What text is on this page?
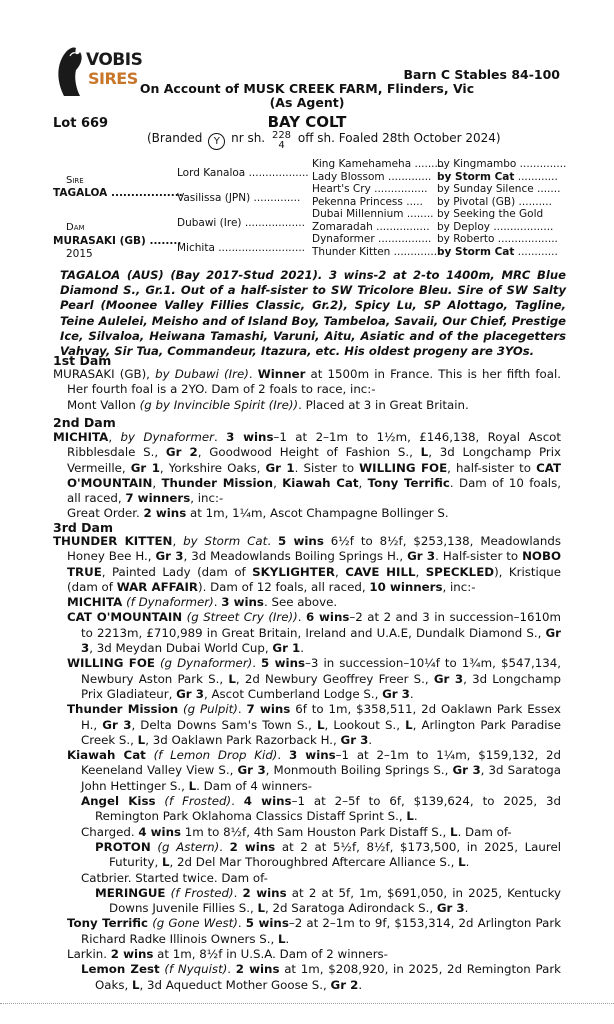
VOBIS
SIRES	Barn C Stables 84-100
On Account of MUSK CREEK FARM, Flinders, Vic
(As Agent)
Lot 669	BAY COLT
(Branded Y nr sh. 228
4 off sh. Foaled 28th October 2024)
Sire
TAGALOA ..................
Dam
MURASAKI (GB) ........
2015
Lord Kanaloa ..................
Vasilissa (JPN) ..............
Dubawi (Ire) ..................
Michita ..........................
King Kamehameha .........
Lady Blossom .............
Heart's Cry ................
Pekenna Princess .....
Dubai Millennium ........
Zomaradah ................
Dynaformer ................
Thunder Kitten ..............
by Kingmambo ..............
by Storm Cat ............
by Sunday Silence .......
by Pivotal (GB) ..........
by Seeking the Gold
by Deploy ..................
by Roberto ..................
by Storm Cat ............
TAGALOA (AUS) (Bay 2017-Stud 2021). 3 wins-2 at 2-to 1400m, MRC Blue Diamond S., Gr.1. Out of a half-sister to SW Tricolore Bleu. Sire of SW Salty Pearl (Moonee Valley Fillies Classic, Gr.2), Spicy Lu, SP Alottago, Tagline, Teine Aulelei, Meisho and of Island Boy, Tambeloa, Savaii, Our Chief, Prestige Ice, Silvaloa, Heiwana Tamashi, Varuni, Aitu, Asiatic and of the placegetters Vahvay, Sir Tua, Commandeur, Itazura, etc. His oldest progeny are 3YOs.
1st Dam

MURASAKI (GB), by Dubawi (Ire). Winner at 1500m in France. This is her fifth foal. Her fourth foal is a 2YO. Dam of 2 foals to race, inc:-

Mont Vallon (g by Invincible Spirit (Ire)). Placed at 3 in Great Britain.

2nd Dam

MICHITA, by Dynaformer. 3 wins–1 at 2–1m to 1½m, £146,138, Royal Ascot Ribblesdale S., Gr 2, Goodwood Height of Fashion S., L, 3d Longchamp Prix Vermeille, Gr 1, Yorkshire Oaks, Gr 1. Sister to WILLING FOE, half-sister to CAT O'MOUNTAIN, Thunder Mission, Kiawah Cat, Tony Terrific. Dam of 10 foals, all raced, 7 winners, inc:-

Great Order. 2 wins at 1m, 1¼m, Ascot Champagne Bollinger S.

3rd Dam

THUNDER KITTEN, by Storm Cat. 5 wins 6½f to 8½f, $253,138, Meadowlands Honey Bee H., Gr 3, 3d Meadowlands Boiling Springs H., Gr 3. Half-sister to NOBO TRUE, Painted Lady (dam of SKYLIGHTER, CAVE HILL, SPECKLED), Kristique (dam of WAR AFFAIR). Dam of 12 foals, all raced, 10 winners, inc:-

MICHITA (f Dynaformer). 3 wins. See above.

CAT O'MOUNTAIN (g Street Cry (Ire)). 6 wins–2 at 2 and 3 in succession–1610m to 2213m, £710,989 in Great Britain, Ireland and U.A.E, Dundalk Diamond S., Gr 3, 3d Meydan Dubai World Cup, Gr 1.

WILLING FOE (g Dynaformer). 5 wins–3 in succession–10¼f to 1¾m, $547,134, Newbury Aston Park S., L, 2d Newbury Geoffrey Freer S., Gr 3, 3d Longchamp Prix Gladiateur, Gr 3, Ascot Cumberland Lodge S., Gr 3.

Thunder Mission (g Pulpit). 7 wins 6f to 1m, $358,511, 2d Oaklawn Park Essex H., Gr 3, Delta Downs Sam's Town S., L, Lookout S., L, Arlington Park Paradise Creek S., L, 3d Oaklawn Park Razorback H., Gr 3.

Kiawah Cat (f Lemon Drop Kid). 3 wins–1 at 2–1m to 1¼m, $159,132, 2d Keeneland Valley View S., Gr 3, Monmouth Boiling Springs S., Gr 3, 3d Saratoga John Hettinger S., L. Dam of 4 winners-

Angel Kiss (f Frosted). 4 wins–1 at 2–5f to 6f, $139,624, to 2025, 3d Remington Park Oklahoma Classics Distaff Sprint S., L.

Charged. 4 wins 1m to 8½f, 4th Sam Houston Park Distaff S., L. Dam of-

PROTON (g Astern). 2 wins at 2 at 5½f, 8½f, $173,500, in 2025, Laurel Futurity, L, 2d Del Mar Thoroughbred Aftercare Alliance S., L.

Catbrier. Started twice. Dam of-

MERINGUE (f Frosted). 2 wins at 2 at 5f, 1m, $691,050, in 2025, Kentucky Downs Juvenile Fillies S., L, 2d Saratoga Adirondack S., Gr 3.

Tony Terrific (g Gone West). 5 wins–2 at 2–1m to 9f, $153,314, 2d Arlington Park Richard Radke Illinois Owners S., L.

Larkin. 2 wins at 1m, 8½f in U.S.A. Dam of 2 winners-

Lemon Zest (f Nyquist). 2 wins at 1m, $208,920, in 2025, 2d Remington Park Oaks, L, 3d Aqueduct Mother Goose S., Gr 2.
